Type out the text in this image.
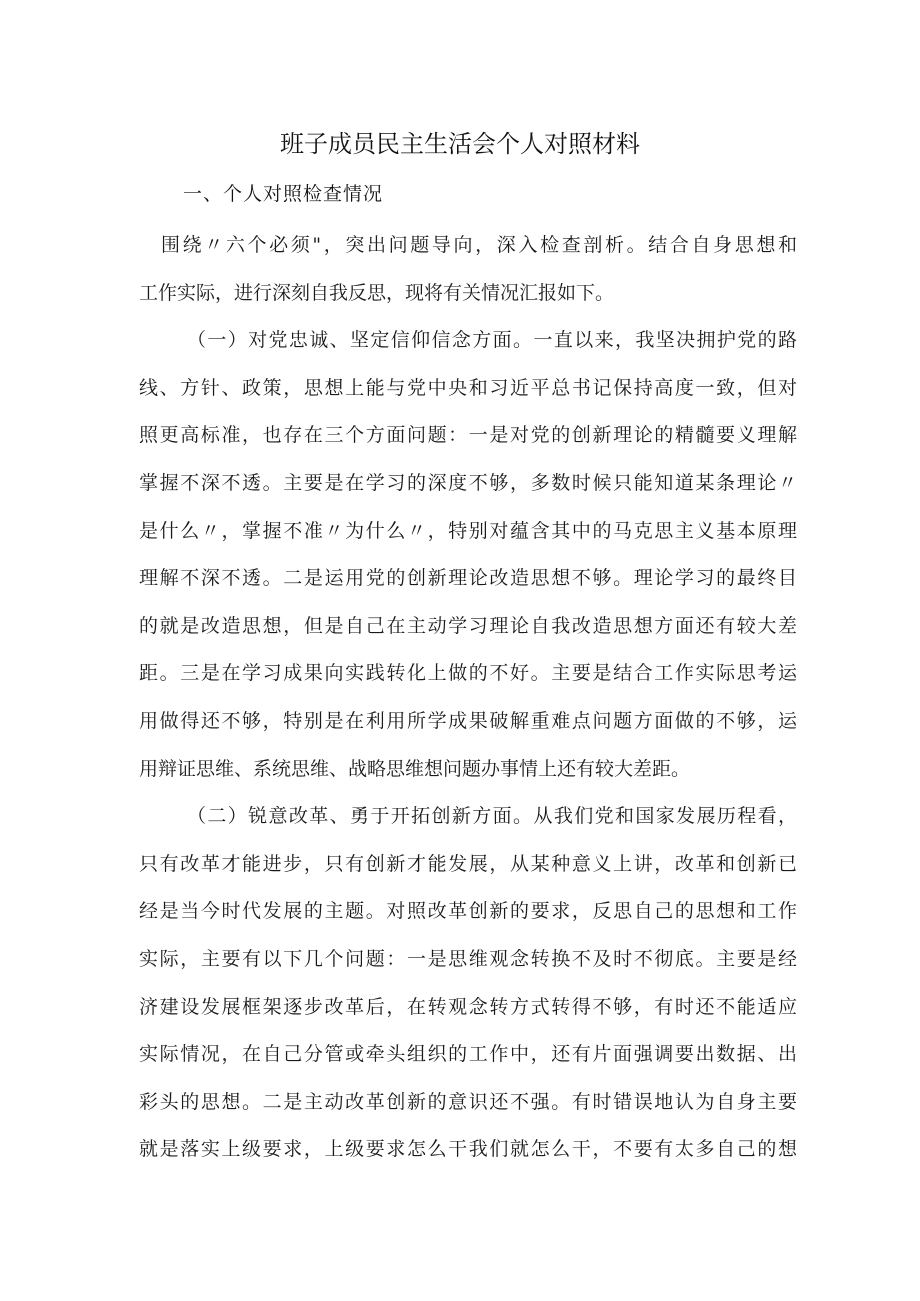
班子成员民主生活会个人对照材料
一、个人对照检查情况
围绕〃六个必须"，突出问题导向，深入检查剖析。结合自身思想和
工作实际，进行深刻自我反思，现将有关情况汇报如下。
（一）对党忠诚、坚定信仰信念方面。一直以来，我坚决拥护党的路
线、方针、政策，思想上能与党中央和习近平总书记保持高度一致，但对
照更高标准，也存在三个方面问题：一是对党的创新理论的精髓要义理解
掌握不深不透。主要是在学习的深度不够，多数时候只能知道某条理论〃
是什么〃，掌握不准〃为什么〃，特别对蕴含其中的马克思主义基本原理
理解不深不透。二是运用党的创新理论改造思想不够。理论学习的最终目
的就是改造思想，但是自己在主动学习理论自我改造思想方面还有较大差
距。三是在学习成果向实践转化上做的不好。主要是结合工作实际思考运
用做得还不够，特别是在利用所学成果破解重难点问题方面做的不够，运
用辩证思维、系统思维、战略思维想问题办事情上还有较大差距。
（二）锐意改革、勇于开拓创新方面。从我们党和国家发展历程看，
只有改革才能进步，只有创新才能发展，从某种意义上讲，改革和创新已
经是当今时代发展的主题。对照改革创新的要求，反思自己的思想和工作
实际，主要有以下几个问题：一是思维观念转换不及时不彻底。主要是经
济建设发展框架逐步改革后，在转观念转方式转得不够，有时还不能适应
实际情况，在自己分管或牵头组织的工作中，还有片面强调要出数据、出
彩头的思想。二是主动改革创新的意识还不强。有时错误地认为自身主要
就是落实上级要求，上级要求怎么干我们就怎么干，不要有太多自己的想
